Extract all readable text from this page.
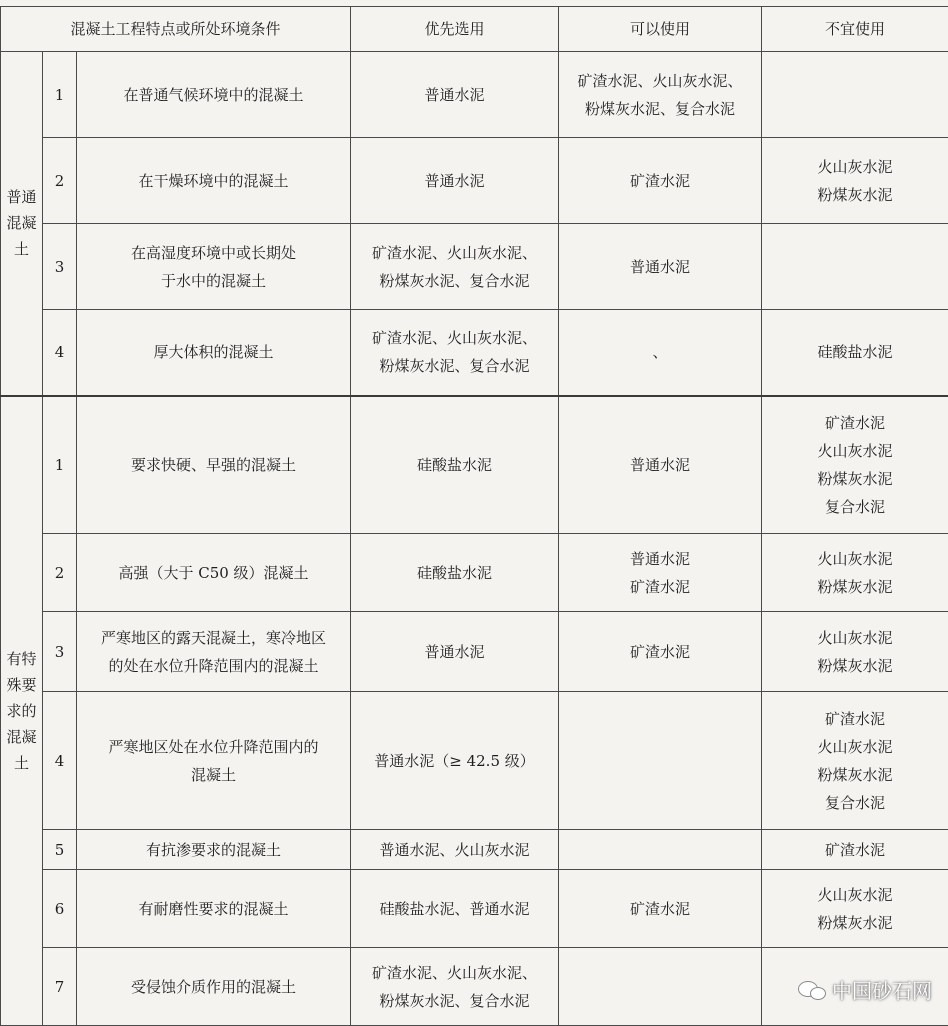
混凝土工程特点或所处环境条件			优先选用	可以使用	不宜使用
普通混凝土	1	在普通气候环境中的混凝土	普通水泥	矿渣水泥、火山灰水泥、
粉煤灰水泥、复合水泥	
	2	在干燥环境中的混凝土	普通水泥	矿渣水泥	火山灰水泥
粉煤灰水泥
	3	在高湿度环境中或长期处
于水中的混凝土	矿渣水泥、火山灰水泥、
粉煤灰水泥、复合水泥	普通水泥	
	4	厚大体积的混凝土	矿渣水泥、火山灰水泥、
粉煤灰水泥、复合水泥	、	硅酸盐水泥
有特殊要求的混凝土	1	要求快硬、早强的混凝土	硅酸盐水泥	普通水泥	矿渣水泥
火山灰水泥
粉煤灰水泥
复合水泥
	2	高强（大于 C50 级）混凝土	硅酸盐水泥	普通水泥
矿渣水泥	火山灰水泥
粉煤灰水泥
	3	严寒地区的露天混凝土，寒冷地区
的处在水位升降范围内的混凝土	普通水泥	矿渣水泥	火山灰水泥
粉煤灰水泥
	4	严寒地区处在水位升降范围内的
混凝土	普通水泥（≥ 42.5 级）		矿渣水泥
火山灰水泥
粉煤灰水泥
复合水泥
	5	有抗渗要求的混凝土	普通水泥、火山灰水泥		矿渣水泥
	6	有耐磨性要求的混凝土	硅酸盐水泥、普通水泥	矿渣水泥	火山灰水泥
粉煤灰水泥
	7	受侵蚀介质作用的混凝土	矿渣水泥、火山灰水泥、
粉煤灰水泥、复合水泥			中国砂石网
